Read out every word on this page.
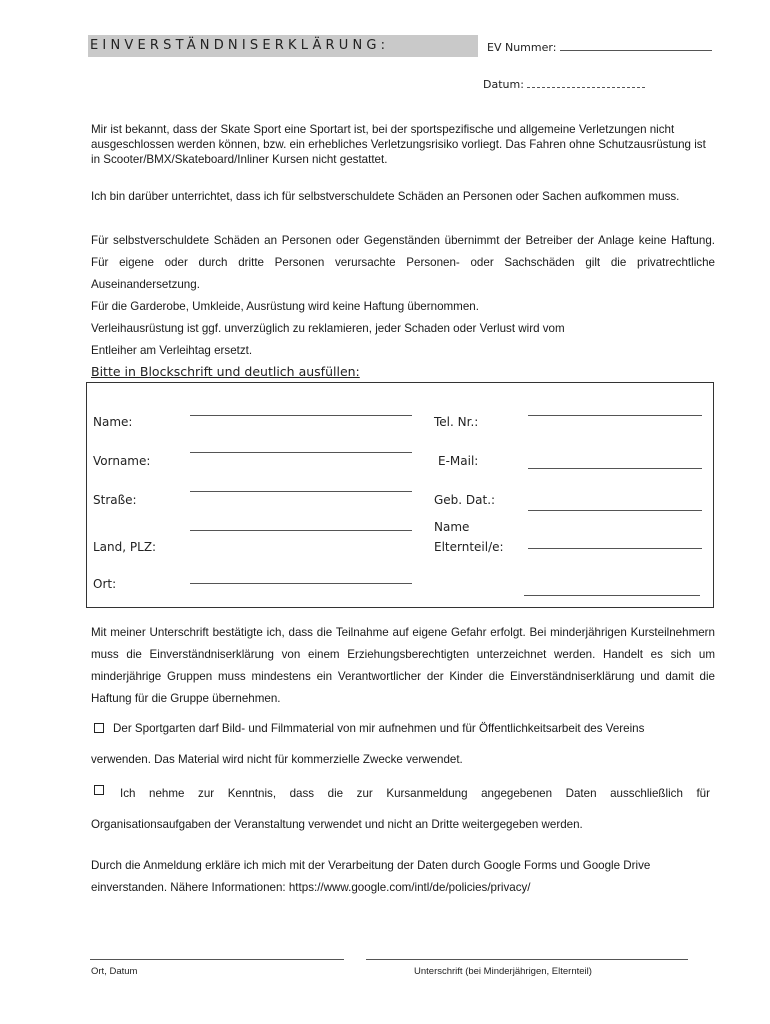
EINVERSTÄNDNISERKLÄRUNG:	EV Nummer:
Datum:
Mir ist bekannt, dass der Skate Sport eine Sportart ist, bei der sportspezifische und allgemeine Verletzungen nicht ausgeschlossen werden können, bzw. ein erhebliches Verletzungsrisiko vorliegt. Das Fahren ohne Schutzausrüstung ist in Scooter/BMX/Skateboard/Inliner Kursen nicht gestattet.
Ich bin darüber unterrichtet, dass ich für selbstverschuldete Schäden an Personen oder Sachen aufkommen muss.
Für selbstverschuldete Schäden an Personen oder Gegenständen übernimmt der Betreiber der Anlage keine Haftung. Für eigene oder durch dritte Personen verursachte Personen- oder Sachschäden gilt die privatrechtliche Auseinandersetzung.
Für die Garderobe, Umkleide, Ausrüstung wird keine Haftung übernommen.
Verleihausrüstung ist ggf. unverzüglich zu reklamieren, jeder Schaden oder Verlust wird vom Entleiher am Verleihtag ersetzt.
Bitte in Blockschrift und deutlich ausfüllen:
Name:
Vorname:
Straße:
Land, PLZ:
Ort:
Tel. Nr.:
E-Mail:
Geb. Dat.:
Name
Elternteil/e:
Mit meiner Unterschrift bestätigte ich, dass die Teilnahme auf eigene Gefahr erfolgt. Bei minderjährigen Kursteilnehmern muss die Einverständniserklärung von einem Erziehungsberechtigten unterzeichnet werden. Handelt es sich um minderjährige Gruppen muss mindestens ein Verantwortlicher der Kinder die Einverständniserklärung und damit die Haftung für die Gruppe übernehmen.
Der Sportgarten darf Bild- und Filmmaterial von mir aufnehmen und für Öffentlichkeitsarbeit des Vereins
verwenden. Das Material wird nicht für kommerzielle Zwecke verwendet.
Ich nehme zur Kenntnis, dass die zur Kursanmeldung angegebenen Daten ausschließlich für
Organisationsaufgaben der Veranstaltung verwendet und nicht an Dritte weitergegeben werden.
Durch die Anmeldung erkläre ich mich mit der Verarbeitung der Daten durch Google Forms und Google Drive einverstanden. Nähere Informationen: https://www.google.com/intl/de/policies/privacy/
Ort, Datum	Unterschrift (bei Minderjährigen, Elternteil)
